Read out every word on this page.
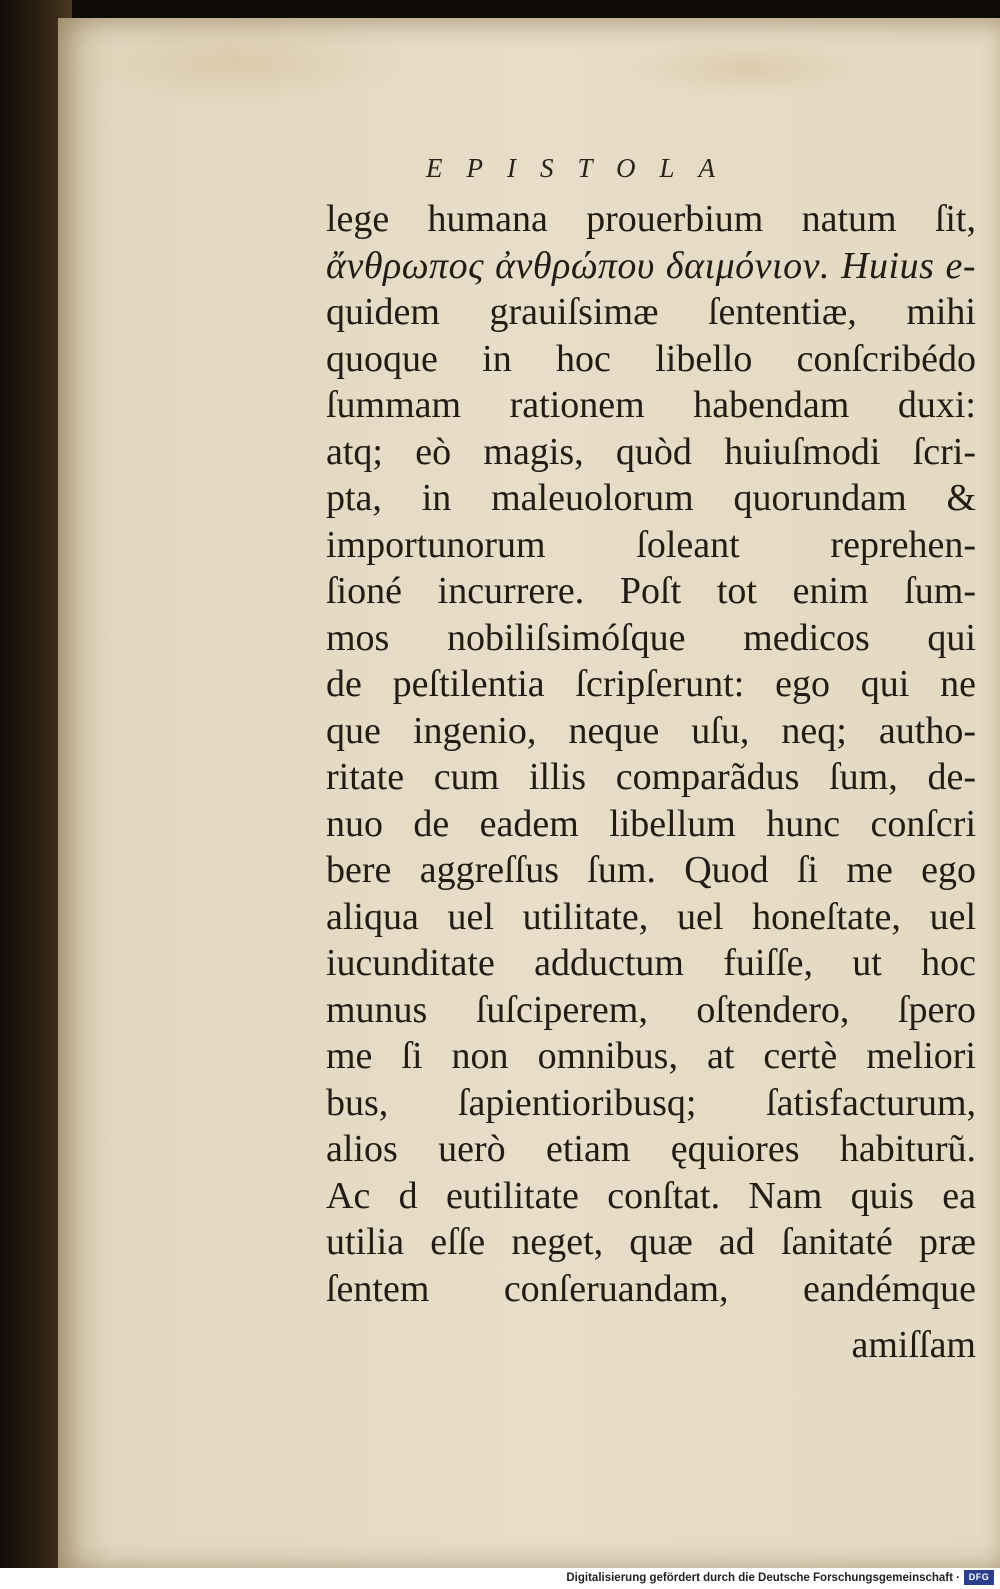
EPISTOLA

lege humana prouerbium natum ſit,
ἄνθρωπος ἀνθρώπου δαιμόνιον. Huius e-
quidem grauiſsimæ ſententiæ, mihi
quoque in hoc libello conſcribédo
ſummam rationem habendam duxi:
atq; eò magis, quòd huiuſmodi ſcri-
pta, in maleuolorum quorundam &
importunorum ſoleant reprehen-
ſioné incurrere. Poſt tot enim ſum-
mos nobiliſsimóſque medicos qui
de peſtilentia ſcripſerunt: ego qui ne
que ingenio, neque uſu, neq; autho-
ritate cum illis comparãdus ſum, de-
nuo de eadem libellum hunc conſcri
bere aggreſſus ſum. Quod ſi me ego
aliqua uel utilitate, uel honeſtate, uel
iucunditate adductum fuiſſe, ut hoc
munus ſuſciperem, oſtendero, ſpero
me ſi non omnibus, at certè meliori
bus, ſapientioribusq; ſatisfacturum,
alios uerò etiam ęquiores habiturũ.
Ac d eutilitate conſtat. Nam quis ea
utilia eſſe neget, quæ ad ſanitaté præ
ſentem conſeruandam, eandémque

amiſſam

Digitalisierung gefördert durch die Deutsche Forschungsgemeinschaft · DFG
